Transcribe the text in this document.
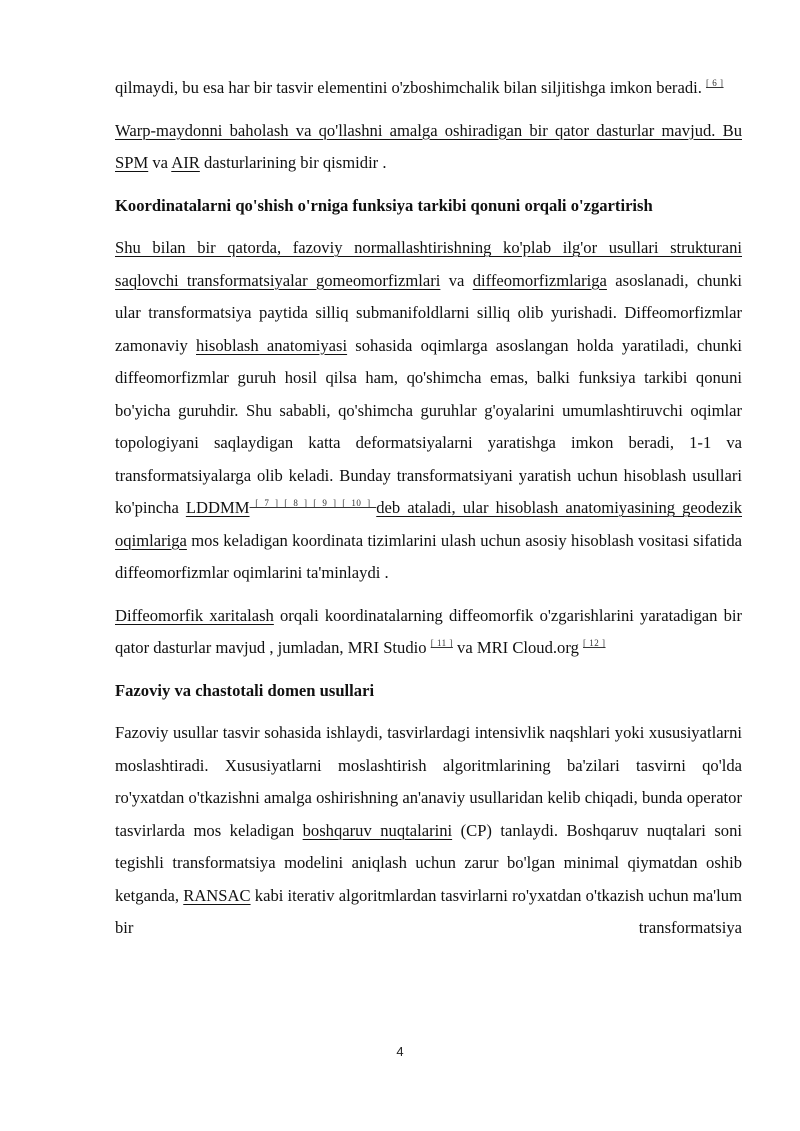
qilmaydi, bu esa har bir tasvir elementini o'zboshimchalik bilan siljitishga imkon beradi. [ 6 ]

Warp-maydonni baholash va qo'llashni amalga oshiradigan bir qator dasturlar mavjud. Bu SPM va AIR dasturlarining bir qismidir .

Koordinatalarni qo'shish o'rniga funksiya tarkibi qonuni orqali o'zgartirish

Shu bilan bir qatorda, fazoviy normallashtirishning ko'plab ilg'or usullari strukturani saqlovchi transformatsiyalar gomeomorfizmlari va diffeomorfizmlariga asoslanadi, chunki ular transformatsiya paytida silliq submanifoldlarni silliq olib yurishadi. Diffeomorfizmlar zamonaviy hisoblash anatomiyasi sohasida oqimlarga asoslangan holda yaratiladi, chunki diffeomorfizmlar guruh hosil qilsa ham, qo'shimcha emas, balki funksiya tarkibi qonuni bo'yicha guruhdir. Shu sababli, qo'shimcha guruhlar g'oyalarini umumlashtiruvchi oqimlar topologiyani saqlaydigan katta deformatsiyalarni yaratishga imkon beradi, 1-1 va transformatsiyalarga olib keladi. Bunday transformatsiyani yaratish uchun hisoblash usullari ko'pincha LDDMM [ 7 ] [ 8 ] [ 9 ] [ 10 ] deb ataladi, ular hisoblash anatomiyasining geodezik oqimlariga mos keladigan koordinata tizimlarini ulash uchun asosiy hisoblash vositasi sifatida diffeomorfizmlar oqimlarini ta'minlaydi .

Diffeomorfik xaritalash orqali koordinatalarning diffeomorfik o'zgarishlarini yaratadigan bir qator dasturlar mavjud , jumladan, MRI Studio [ 11 ] va MRI Cloud.org [ 12 ]

Fazoviy va chastotali domen usullari

Fazoviy usullar tasvir sohasida ishlaydi, tasvirlardagi intensivlik naqshlari yoki xususiyatlarni moslashtiradi. Xususiyatlarni moslashtirish algoritmlarining ba'zilari tasvirni qo'lda ro'yxatdan o'tkazishni amalga oshirishning an'anaviy usullaridan kelib chiqadi, bunda operator tasvirlarda mos keladigan boshqaruv nuqtalarini (CP) tanlaydi. Boshqaruv nuqtalari soni tegishli transformatsiya modelini aniqlash uchun zarur bo'lgan minimal qiymatdan oshib ketganda, RANSAC kabi iterativ algoritmlardan tasvirlarni ro'yxatdan o'tkazish uchun ma'lum bir transformatsiya

4
